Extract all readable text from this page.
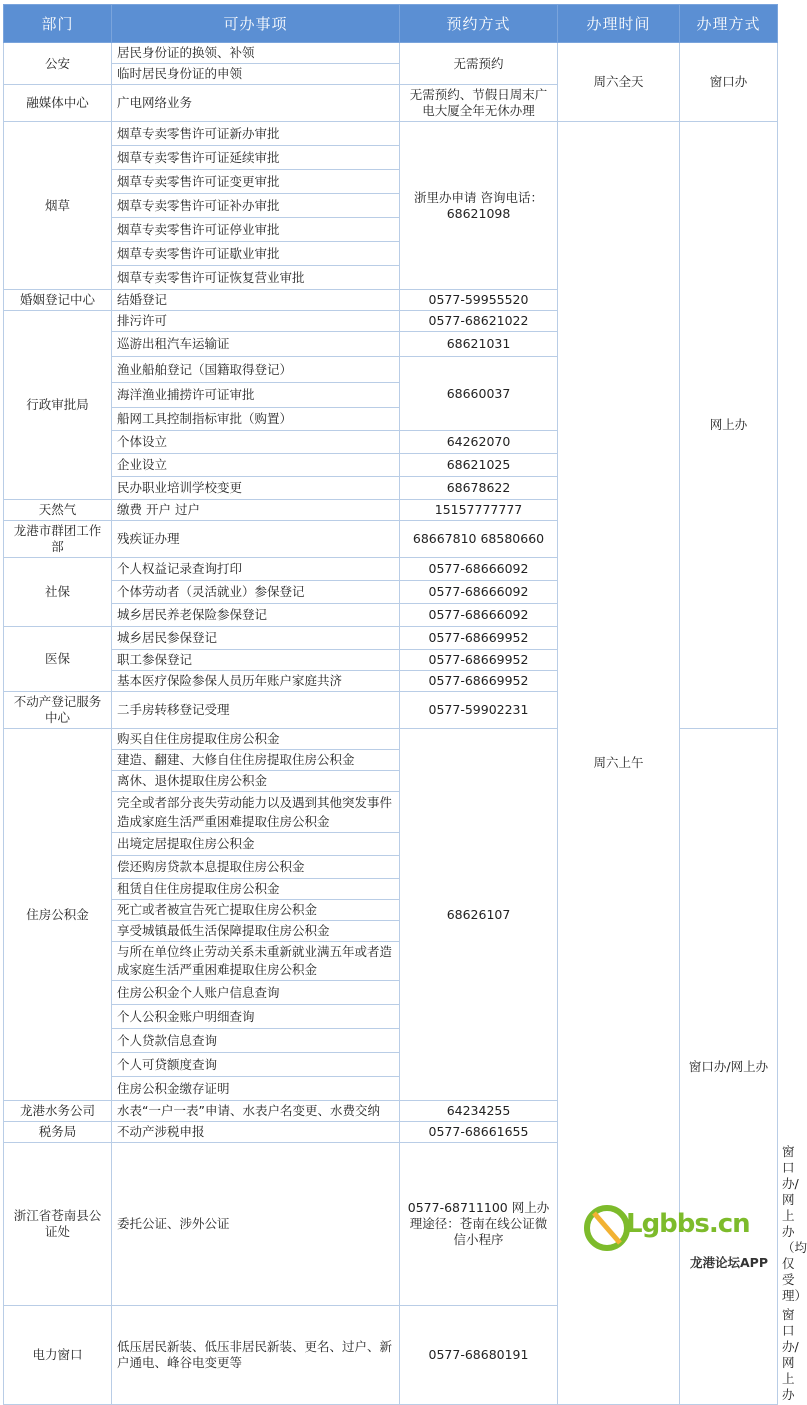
部门	可办事项	预约方式	办理时间	办理方式	
公安	居民身份证的换领、补领	无需预约	周六全天	窗口办	
	临时居民身份证的申领				
融媒体中心	广电网络业务	无需预约、节假日周末广电大厦全年无休办理			
烟草	烟草专卖零售许可证新办审批	浙里办申请 咨询电话：68621098	周六上午	网上办	
	烟草专卖零售许可证延续审批				
	烟草专卖零售许可证变更审批				
	烟草专卖零售许可证补办审批				
	烟草专卖零售许可证停业审批				
	烟草专卖零售许可证歇业审批				
	烟草专卖零售许可证恢复营业审批				
婚姻登记中心	结婚登记	0577-59955520			
行政审批局	排污许可	0577-68621022			
	巡游出租汽车运输证	68621031			
	渔业船舶登记（国籍取得登记）	68660037			
	海洋渔业捕捞许可证审批				
	船网工具控制指标审批（购置）				
	个体设立	64262070			
	企业设立	68621025			
	民办职业培训学校变更	68678622			
天然气	缴费 开户 过户	15157777777			
龙港市群团工作部	残疾证办理	68667810 68580660			
社保	个人权益记录查询打印	0577-68666092			
	个体劳动者（灵活就业）参保登记	0577-68666092			
	城乡居民养老保险参保登记	0577-68666092			
医保	城乡居民参保登记	0577-68669952			
	职工参保登记	0577-68669952			
	基本医疗保险参保人员历年账户家庭共济	0577-68669952			
不动产登记服务中心	二手房转移登记受理	0577-59902231			
住房公积金	购买自住住房提取住房公积金	68626107		窗口办/网上办	
	建造、翻建、大修自住住房提取住房公积金				
	离休、退休提取住房公积金				
	完全或者部分丧失劳动能力以及遇到其他突发事件造成家庭生活严重困难提取住房公积金				
	出境定居提取住房公积金				
	偿还购房贷款本息提取住房公积金				
	租赁自住住房提取住房公积金				
	死亡或者被宣告死亡提取住房公积金				
	享受城镇最低生活保障提取住房公积金				
	与所在单位终止劳动关系未重新就业满五年或者造成家庭生活严重困难提取住房公积金				
	住房公积金个人账户信息查询				
	个人公积金账户明细查询				
	个人贷款信息查询				
	个人可贷额度查询				
	住房公积金缴存证明				
龙港水务公司	水表“一户一表”申请、水表户名变更、水费交纳	64234255			
税务局	不动产涉税申报	0577-68661655			
浙江省苍南县公证处	委托公证、涉外公证	0577-68711100 网上办理途径：苍南在线公证微信小程序			窗口办/网上办（均仅受理）
电力窗口	低压居民新装、低压非居民新装、更名、过户、新户通电、峰谷电变更等	0577-68680191			窗口办/网上办
Lgbbs.cn
龙港论坛APP
